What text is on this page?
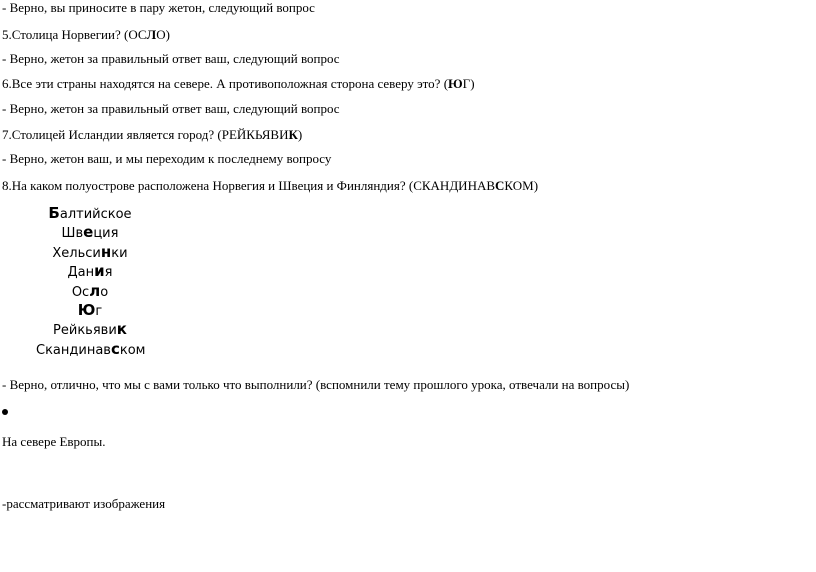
- Верно, вы приносите в пару жетон, следующий вопрос
5.Столица Норвегии? (ОСЛО)
- Верно, жетон за правильный ответ ваш, следующий вопрос
6.Все эти страны находятся на севере. А противоположная сторона северу это? (ЮГ)
- Верно, жетон за правильный ответ ваш, следующий вопрос
7.Столицей Исландии является город? (РЕЙКЬЯВИК)
- Верно, жетон ваш, и мы переходим к последнему вопросу
8.На каком полуострове расположена Норвегия и Швеция и Финляндия? (СКАНДИНАВСКОМ)
Балтийское
Швеция
Хельсинки
Дания
Осло
Юг
Рейкьявик
Скандинавском
- Верно, отлично, что мы с вами только что выполнили? (вспомнили тему прошлого урока, отвечали на вопросы)
На севере Европы.
-рассматривают изображения
